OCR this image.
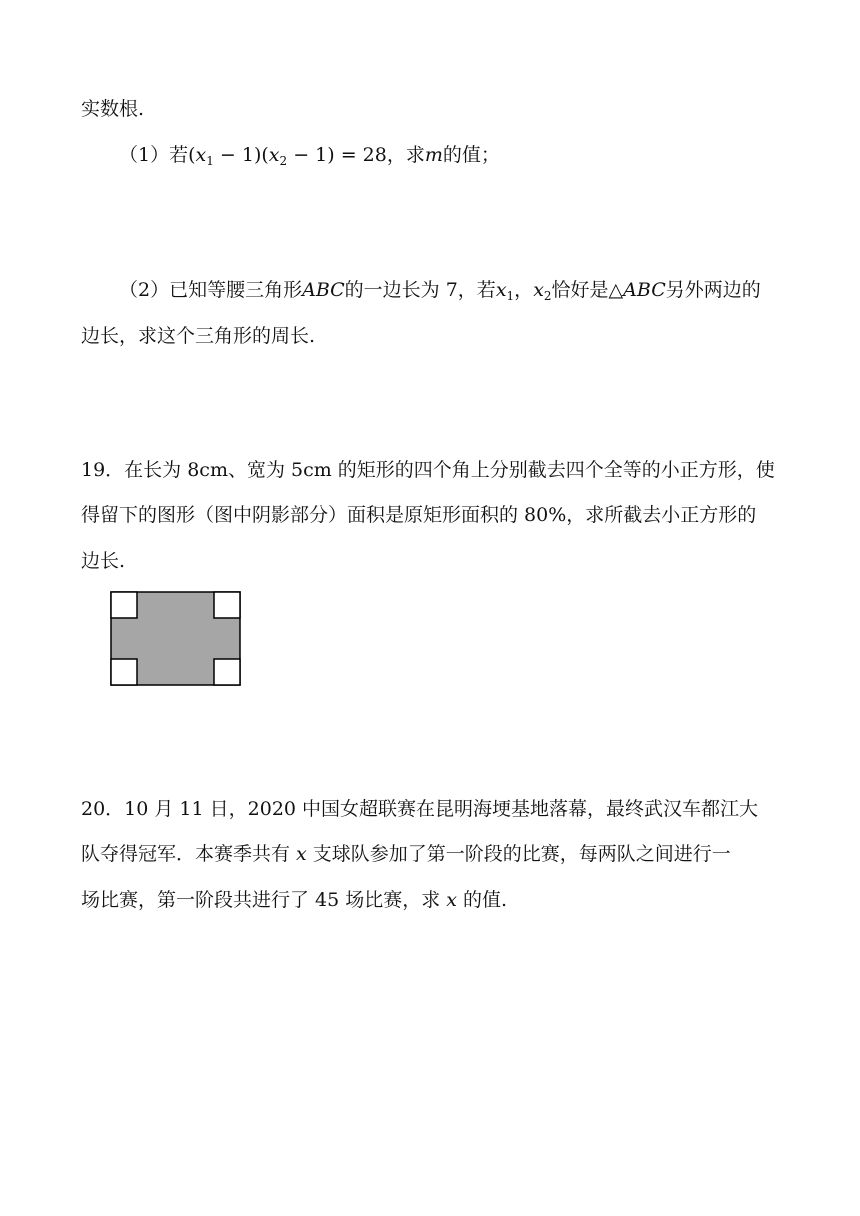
实数根.
（1）若$(x_1 - 1)(x_2 - 1) = 28$，求m的值；
（2）已知等腰三角形ABC的一边长为 7，若$x_1$，$x_2$恰好是△ABC另外两边的
边长，求这个三角形的周长.
19．在长为 8cm、宽为 5cm 的矩形的四个角上分别截去四个全等的小正方形，使
得留下的图形（图中阴影部分）面积是原矩形面积的 80%，求所截去小正方形的
边长.
20．10 月 11 日，2020 中国女超联赛在昆明海埂基地落幕，最终武汉车都江大
队夺得冠军．本赛季共有 x 支球队参加了第一阶段的比赛，每两队之间进行一
场比赛，第一阶段共进行了 45 场比赛，求 x 的值.
